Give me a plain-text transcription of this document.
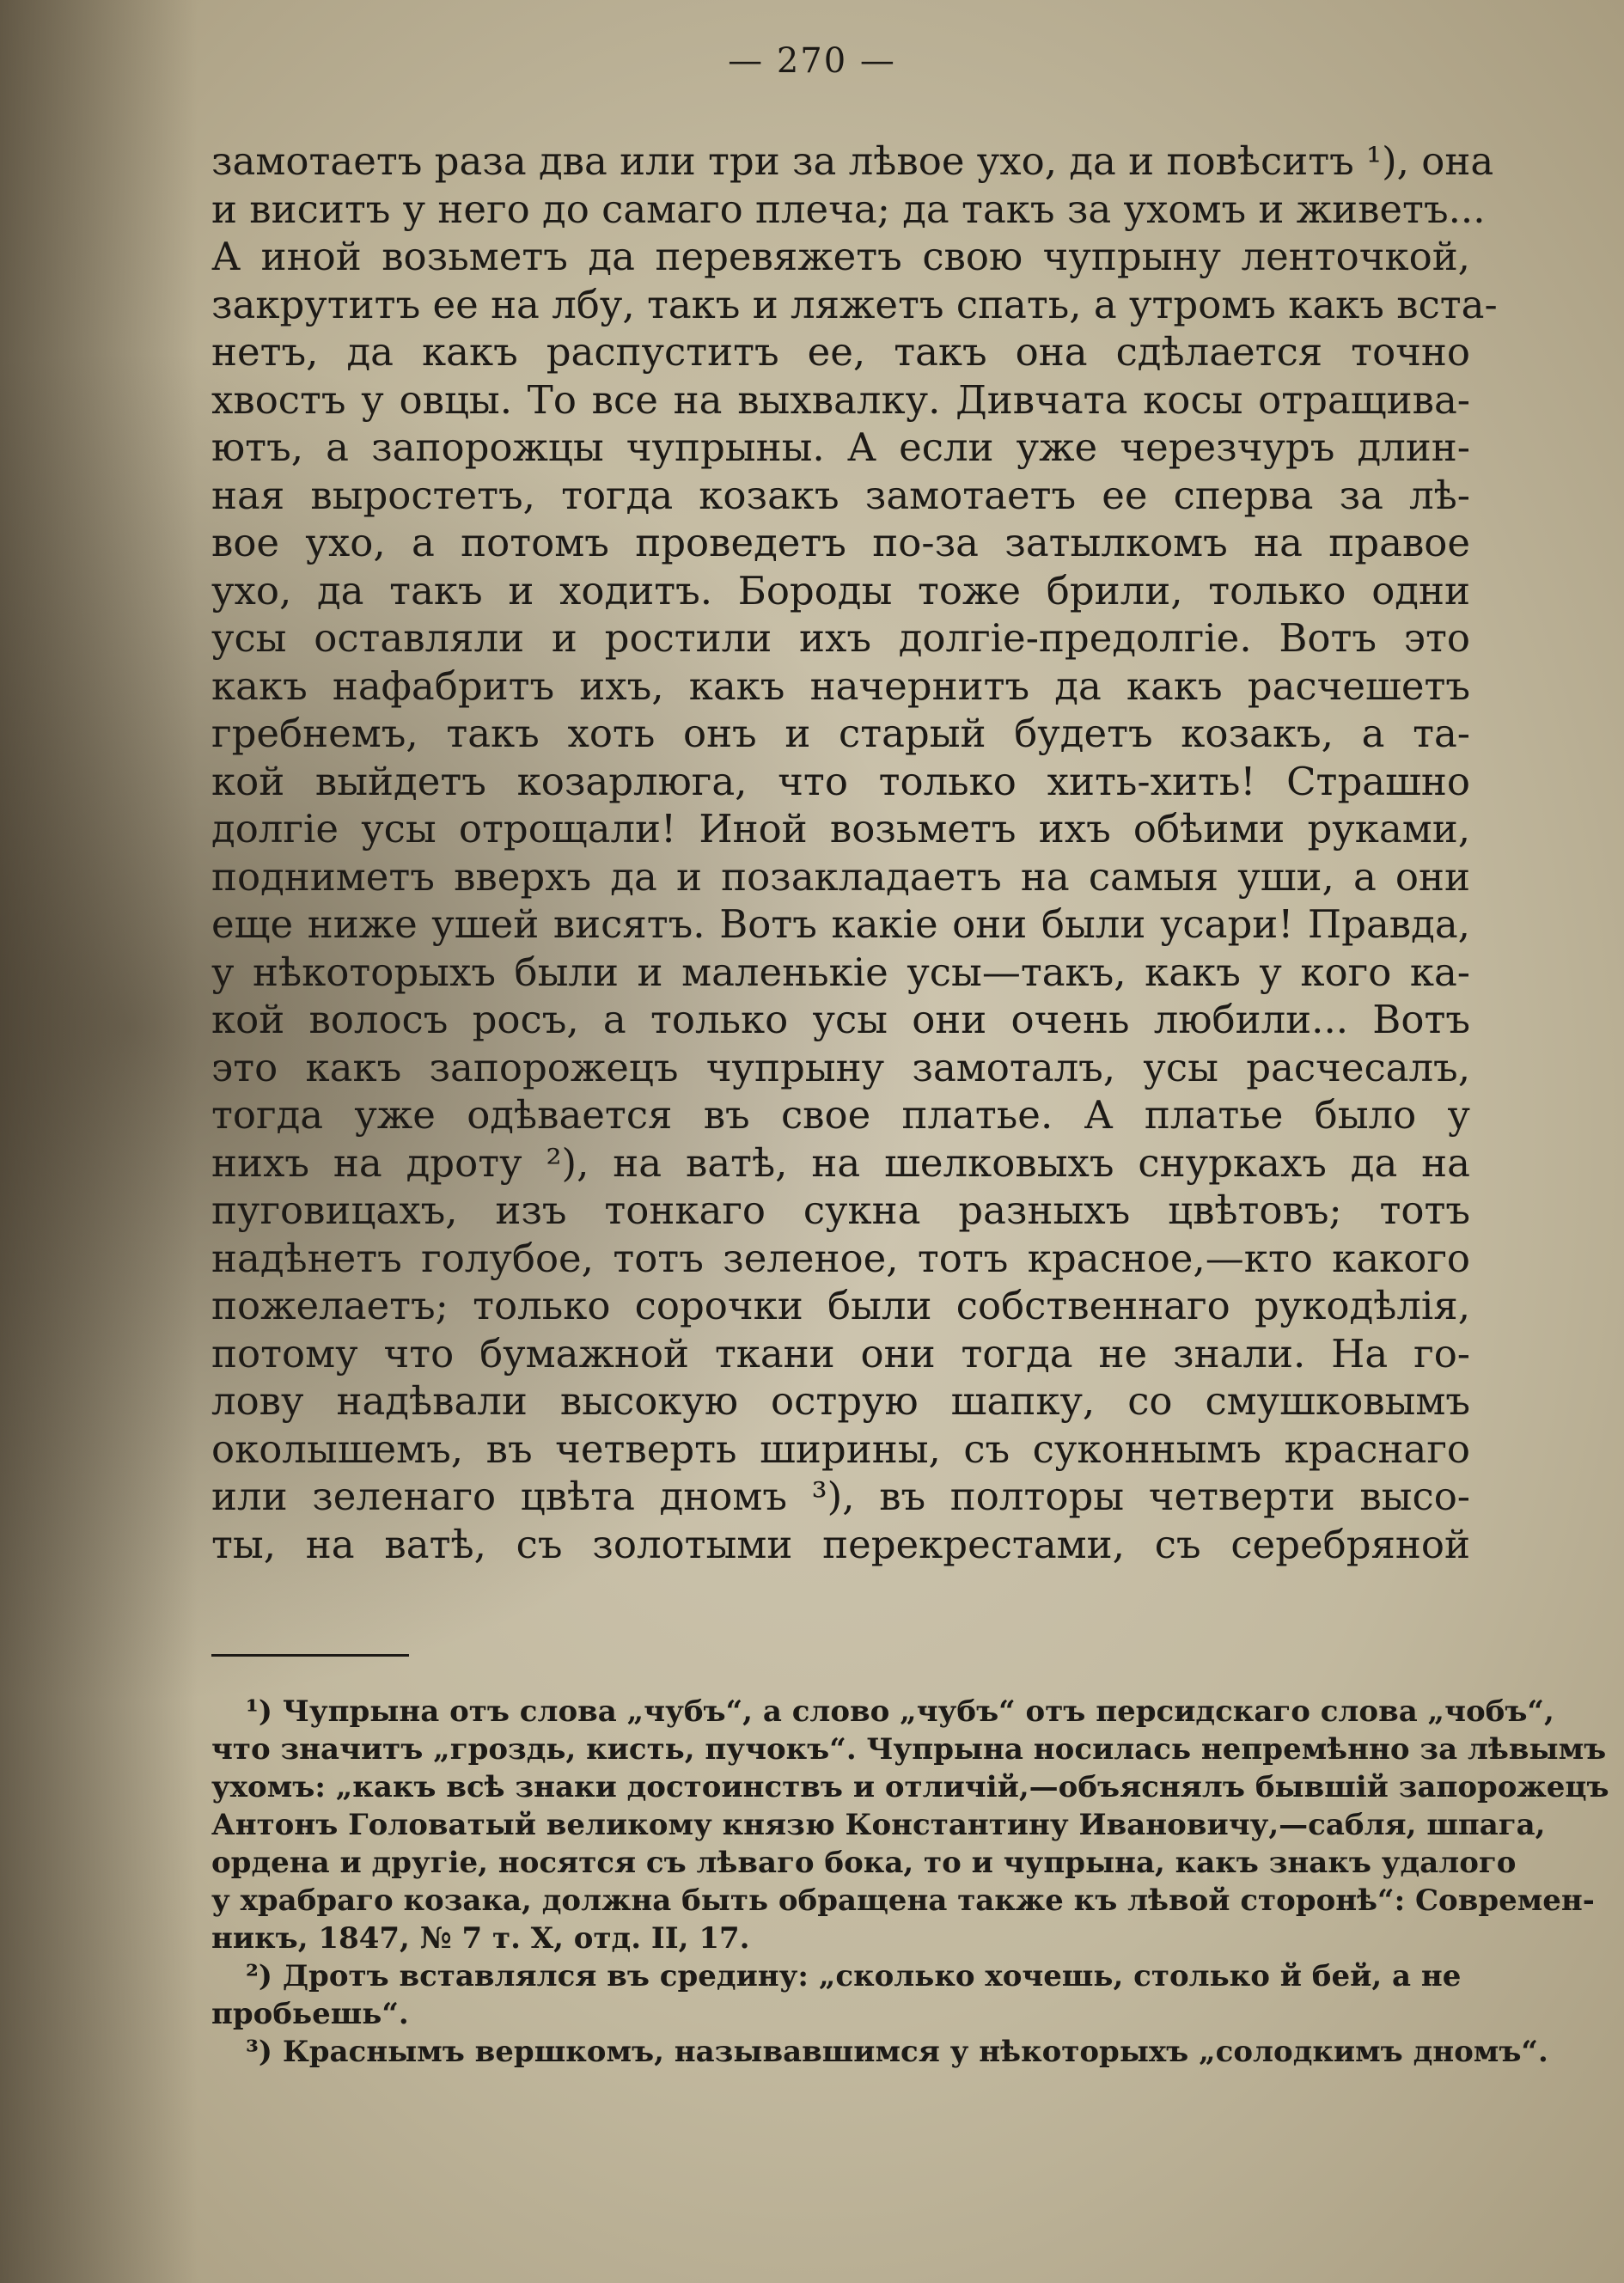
— 270 —
замотаетъ раза два или три за лѣвое ухо, да и повѣситъ ¹), она
и виситъ у него до самаго плеча; да такъ за ухомъ и живетъ...
А иной возьметъ да перевяжетъ свою чупрыну ленточкой,
закрутитъ ее на лбу, такъ и ляжетъ спать, а утромъ какъ вста-
нетъ, да какъ распуститъ ее, такъ она сдѣлается точно
хвостъ у овцы. То все на выхвалку. Дивчата косы отращива-
ютъ, а запорожцы чупрыны. А если уже черезчуръ длин-
ная выростетъ, тогда козакъ замотаетъ ее сперва за лѣ-
вое ухо, а потомъ проведетъ по-за затылкомъ на правое
ухо, да такъ и ходитъ. Бороды тоже брили, только одни
усы оставляли и ростили ихъ долгіе-предолгіе. Вотъ это
какъ нафабритъ ихъ, какъ начернитъ да какъ расчешетъ
гребнемъ, такъ хоть онъ и старый будетъ козакъ, а та-
кой выйдетъ козарлюга, что только хить-хить! Страшно
долгіе усы отрощали! Иной возьметъ ихъ обѣими руками,
подниметъ вверхъ да и позакладаетъ на самыя уши, а они
еще ниже ушей висятъ. Вотъ какіе они были усари! Правда,
у нѣкоторыхъ были и маленькіе усы—такъ, какъ у кого ка-
кой волосъ росъ, а только усы они очень любили... Вотъ
это какъ запорожецъ чупрыну замоталъ, усы расчесалъ,
тогда уже одѣвается въ свое платье. А платье было у
нихъ на дроту ²), на ватѣ, на шелковыхъ снуркахъ да на
пуговицахъ, изъ тонкаго сукна разныхъ цвѣтовъ; тотъ
надѣнетъ голубое, тотъ зеленое, тотъ красное,—кто какого
пожелаетъ; только сорочки были собственнаго рукодѣлія,
потому что бумажной ткани они тогда не знали. На го-
лову надѣвали высокую острую шапку, со смушковымъ
околышемъ, въ четверть ширины, съ суконнымъ краснаго
или зеленаго цвѣта дномъ ³), въ полторы четверти высо-
ты, на ватѣ, съ золотыми перекрестами, съ серебряной
¹) Чупрына отъ слова „чубъ“, а слово „чубъ“ отъ персидскаго слова „чобъ“,
что значитъ „гроздь, кисть, пучокъ“. Чупрына носилась непремѣнно за лѣвымъ
ухомъ: „какъ всѣ знаки достоинствъ и отличій,—объяснялъ бывшій запорожецъ
Антонъ Головатый великому князю Константину Ивановичу,—сабля, шпага,
ордена и другіе, носятся съ лѣваго бока, то и чупрына, какъ знакъ удалого
у храбраго козака, должна быть обращена также къ лѣвой сторонѣ“: Современ-
никъ, 1847, № 7 т. X, отд. II, 17.
²) Дротъ вставлялся въ средину: „сколько хочешь, столько й бей, а не
пробьешь“.
³) Краснымъ вершкомъ, называвшимся у нѣкоторыхъ „солодкимъ дномъ“.
